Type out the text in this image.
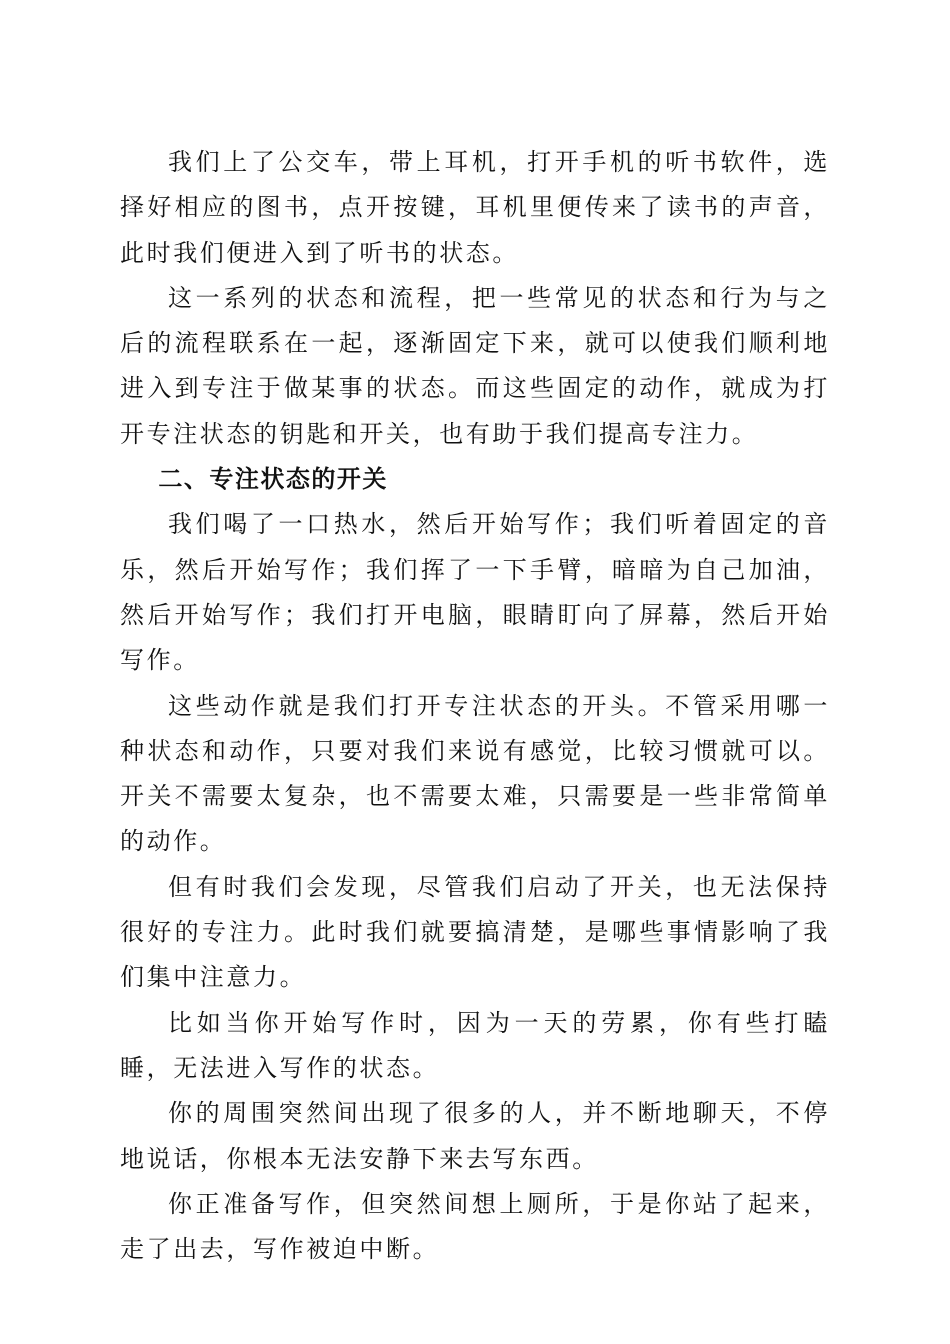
我们上了公交车，带上耳机，打开手机的听书软件，选择好相应的图书，点开按键，耳机里便传来了读书的声音，此时我们便进入到了听书的状态。

这一系列的状态和流程，把一些常见的状态和行为与之后的流程联系在一起，逐渐固定下来，就可以使我们顺利地进入到专注于做某事的状态。而这些固定的动作，就成为打开专注状态的钥匙和开关，也有助于我们提高专注力。

二、专注状态的开关

我们喝了一口热水，然后开始写作；我们听着固定的音乐，然后开始写作；我们挥了一下手臂，暗暗为自己加油，然后开始写作；我们打开电脑，眼睛盯向了屏幕，然后开始写作。

这些动作就是我们打开专注状态的开头。不管采用哪一种状态和动作，只要对我们来说有感觉，比较习惯就可以。开关不需要太复杂，也不需要太难，只需要是一些非常简单的动作。

但有时我们会发现，尽管我们启动了开关，也无法保持很好的专注力。此时我们就要搞清楚，是哪些事情影响了我们集中注意力。

比如当你开始写作时，因为一天的劳累，你有些打瞌睡，无法进入写作的状态。

你的周围突然间出现了很多的人，并不断地聊天，不停地说话，你根本无法安静下来去写东西。

你正准备写作，但突然间想上厕所，于是你站了起来，走了出去，写作被迫中断。
